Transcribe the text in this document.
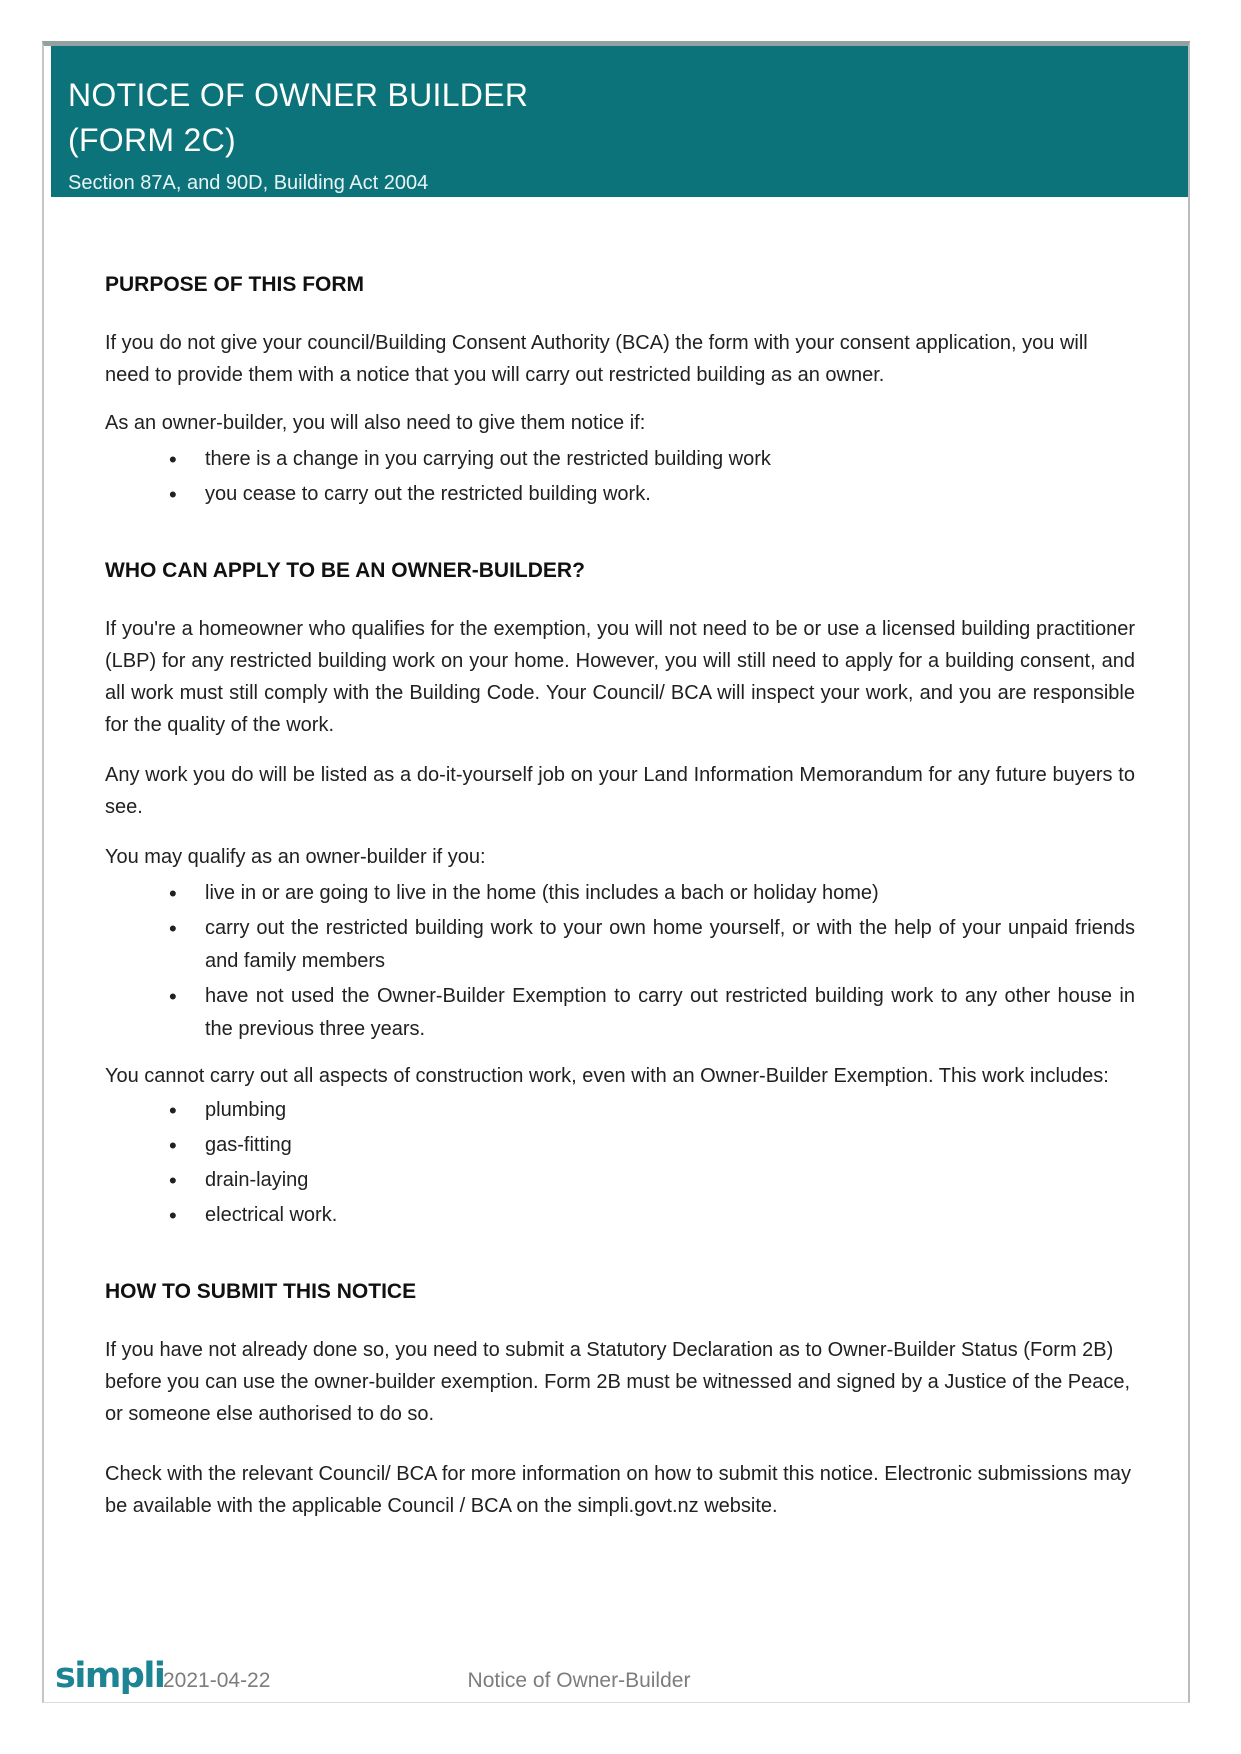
NOTICE OF OWNER BUILDER
(FORM 2C)
Section 87A, and 90D, Building Act 2004
PURPOSE OF THIS FORM

If you do not give your council/Building Consent Authority (BCA) the form with your consent application, you will need to provide them with a notice that you will carry out restricted building as an owner.

As an owner-builder, you will also need to give them notice if:

• there is a change in you carrying out the restricted building work
• you cease to carry out the restricted building work.
WHO CAN APPLY TO BE AN OWNER-BUILDER?

If you're a homeowner who qualifies for the exemption, you will not need to be or use a licensed building practitioner (LBP) for any restricted building work on your home. However, you will still need to apply for a building consent, and all work must still comply with the Building Code. Your Council/ BCA will inspect your work, and you are responsible for the quality of the work.

Any work you do will be listed as a do-it-yourself job on your Land Information Memorandum for any future buyers to see.

You may qualify as an owner-builder if you:

• live in or are going to live in the home (this includes a bach or holiday home)
• carry out the restricted building work to your own home yourself, or with the help of your unpaid friends and family members
• have not used the Owner-Builder Exemption to carry out restricted building work to any other house in the previous three years.

You cannot carry out all aspects of construction work, even with an Owner-Builder Exemption. This work includes:

• plumbing
• gas-fitting
• drain-laying
• electrical work.
HOW TO SUBMIT THIS NOTICE

If you have not already done so, you need to submit a Statutory Declaration as to Owner-Builder Status (Form 2B) before you can use the owner-builder exemption. Form 2B must be witnessed and signed by a Justice of the Peace, or someone else authorised to do so.

Check with the relevant Council/ BCA for more information on how to submit this notice. Electronic submissions may be available with the applicable Council / BCA on the simpli.govt.nz website.

simpli
2021-04-22	Notice of Owner-Builder
